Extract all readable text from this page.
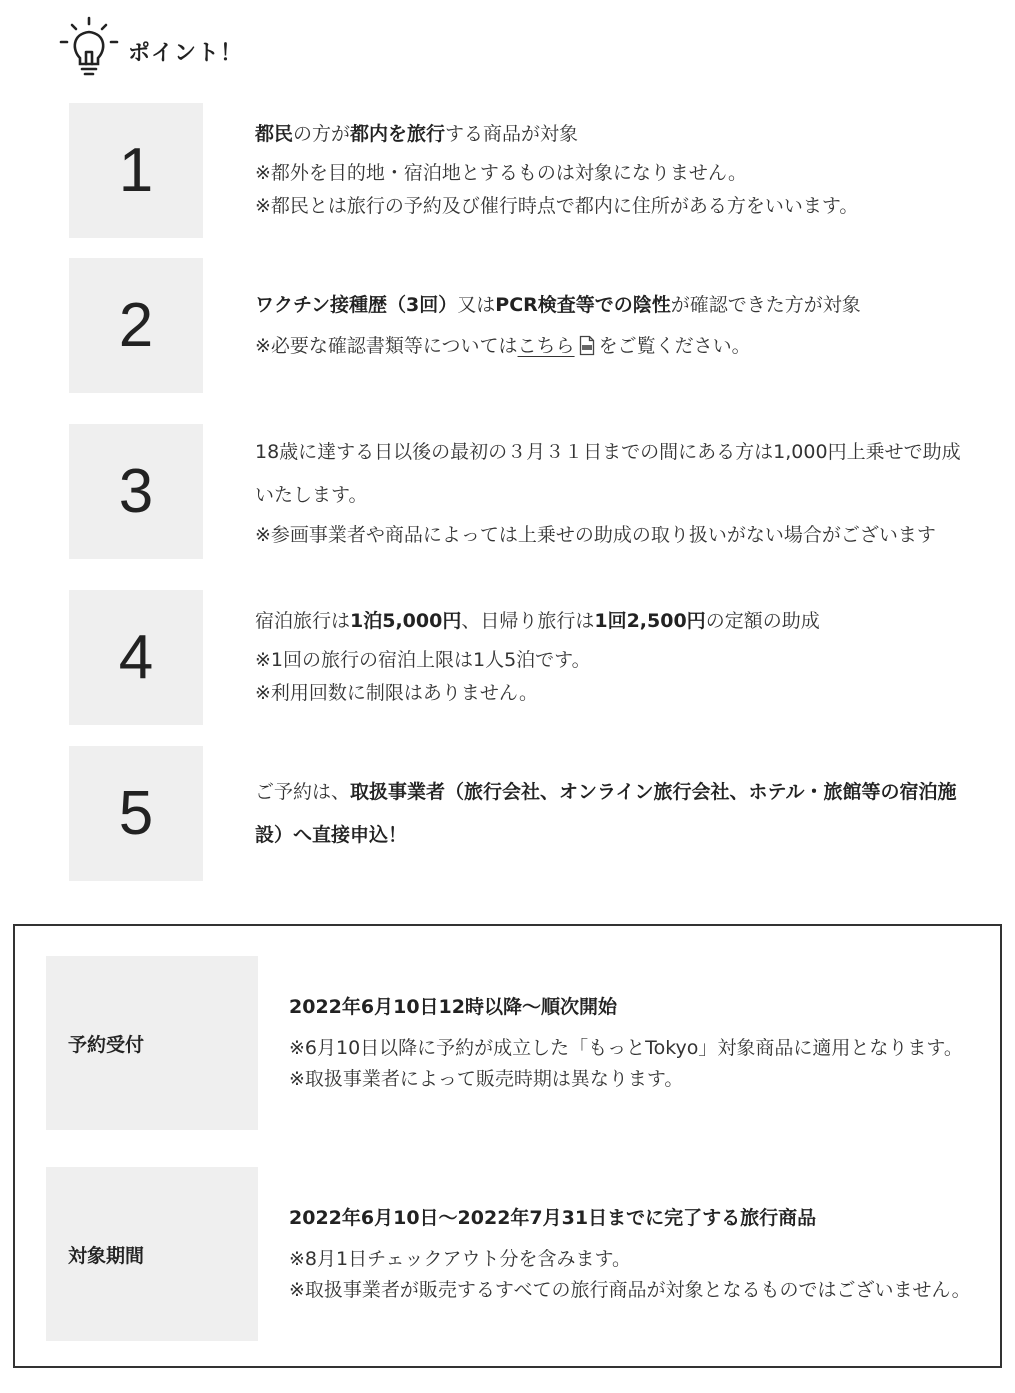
ポイント！
1

都民の方が都内を旅行する商品が対象

※都外を目的地・宿泊地とするものは対象になりません。

※都民とは旅行の予約及び催行時点で都内に住所がある方をいいます。

2	ワクチン接種歴（3回）又はPCR検査等での陰性が確認できた方が対象

※必要な確認書類等についてはこちら をご覧ください。

3

18歳に達する日以後の最初の３月３１日までの間にある方は1,000円上乗せで助成いたします。

※参画事業者や商品によっては上乗せの助成の取り扱いがない場合がございます

4

宿泊旅行は1泊5,000円、日帰り旅行は1回2,500円の定額の助成

※1回の旅行の宿泊上限は1人5泊です。

※利用回数に制限はありません。

5	ご予約は、取扱事業者（旅行会社、オンライン旅行会社、ホテル・旅館等の宿泊施設）へ直接申込！

予約受付

2022年6月10日12時以降～順次開始

※6月10日以降に予約が成立した「もっとTokyo」対象商品に適用となります。

※取扱事業者によって販売時期は異なります。

対象期間

2022年6月10日～2022年7月31日までに完了する旅行商品

※8月1日チェックアウト分を含みます。

※取扱事業者が販売するすべての旅行商品が対象となるものではございません。
